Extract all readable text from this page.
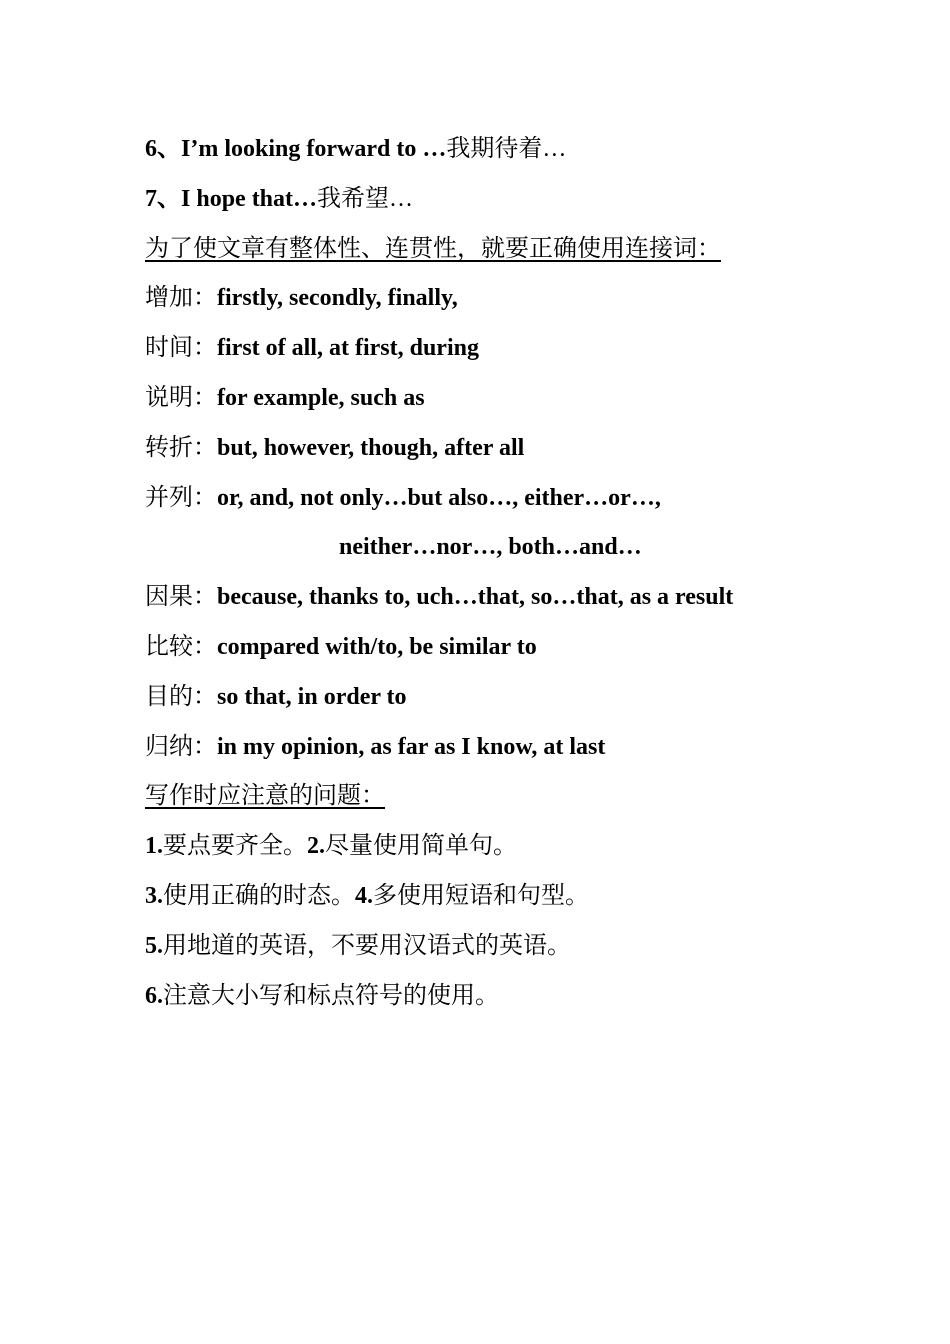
6、I’m looking forward to …我期待着…
7、I hope that…我希望…
为了使文章有整体性、连贯性，就要正确使用连接词：
增加：firstly, secondly, finally,
时间：first of all, at first, during
说明：for example, such as
转折：but, however, though, after all
并列：or, and, not only…but also…, either…or…,
neither…nor…, both…and…
因果：because, thanks to, uch…that, so…that, as a result
比较：compared with/to, be similar to
目的：so that, in order to
归纳：in my opinion, as far as I know, at last
写作时应注意的问题：
1.要点要齐全。2.尽量使用简单句。
3.使用正确的时态。4.多使用短语和句型。
5.用地道的英语，不要用汉语式的英语。
6.注意大小写和标点符号的使用。
